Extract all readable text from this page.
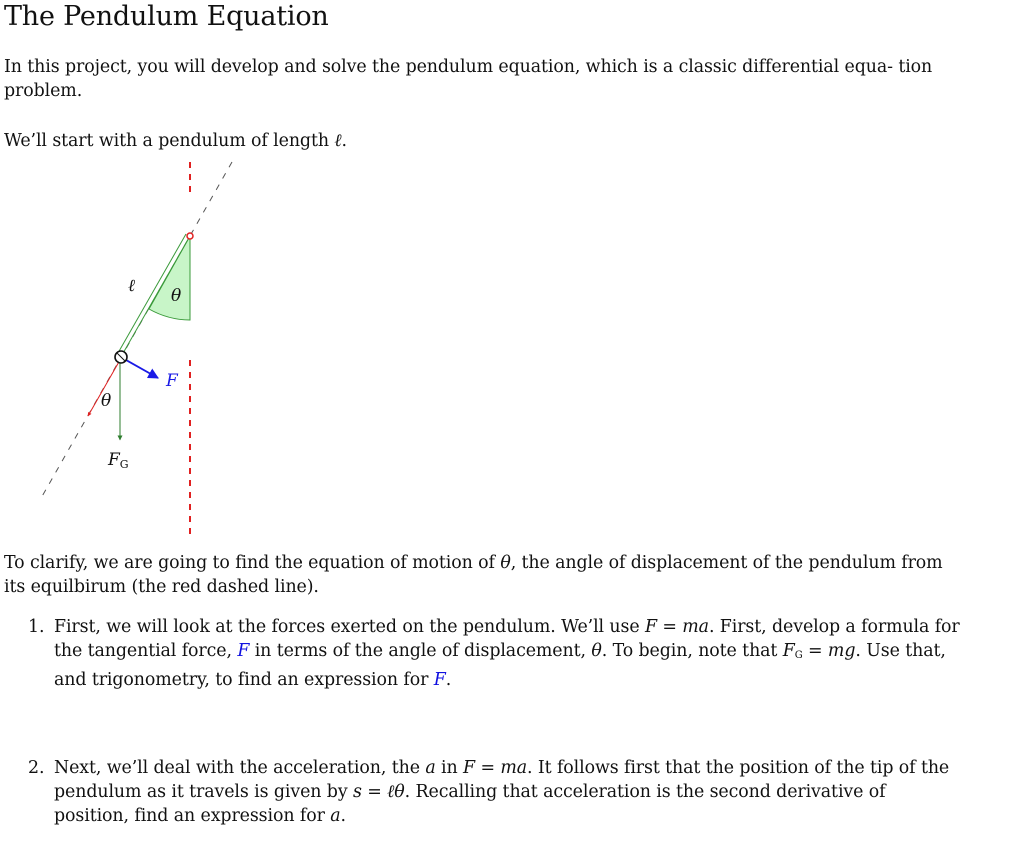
The Pendulum Equation

In this project, you will develop and solve the pendulum equation, which is a classic differential equa- tion problem.

We’ll start with a pendulum of length ℓ.

ℓ θ
θ
F
FG

To clarify, we are going to find the equation of motion of θ, the angle of displacement of the pendulum from its equilbirum (the red dashed line).

1. First, we will look at the forces exerted on the pendulum. We’ll use F = ma. First, develop a formula for the tangential force, F in terms of the angle of displacement, θ. To begin, note that FG = mg. Use that, and trigonometry, to find an expression for F.
2. Next, we’ll deal with the acceleration, the a in F = ma. It follows first that the position of the tip of the pendulum as it travels is given by s = ℓθ. Recalling that acceleration is the second derivative of position, find an expression for a.
